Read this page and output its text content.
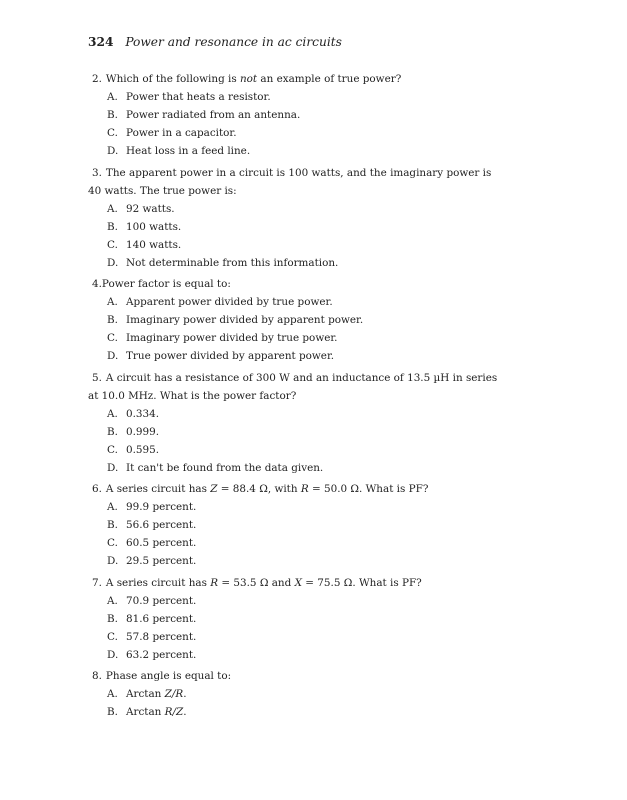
324 Power and resonance in ac circuits
2. Which of the following is not an example of true power?
A. Power that heats a resistor.
B. Power radiated from an antenna.
C. Power in a capacitor.
D. Heat loss in a feed line.
3. The apparent power in a circuit is 100 watts, and the imaginary power is 40 watts. The true power is:
A. 92 watts.
B. 100 watts.
C. 140 watts.
D. Not determinable from this information.
4.Power factor is equal to:
A. Apparent power divided by true power.
B. Imaginary power divided by apparent power.
C. Imaginary power divided by true power.
D. True power divided by apparent power.
5. A circuit has a resistance of 300 W and an inductance of 13.5 µH in series at 10.0 MHz. What is the power factor?
A. 0.334.
B. 0.999.
C. 0.595.
D. It can't be found from the data given.
6. A series circuit has Z = 88.4 Ω, with R = 50.0 Ω. What is PF?
A. 99.9 percent.
B. 56.6 percent.
C. 60.5 percent.
D. 29.5 percent.
7. A series circuit has R = 53.5 Ω and X = 75.5 Ω. What is PF?
A. 70.9 percent.
B. 81.6 percent.
C. 57.8 percent.
D. 63.2 percent.
8. Phase angle is equal to:
A. Arctan Z/R.
B. Arctan R/Z.
